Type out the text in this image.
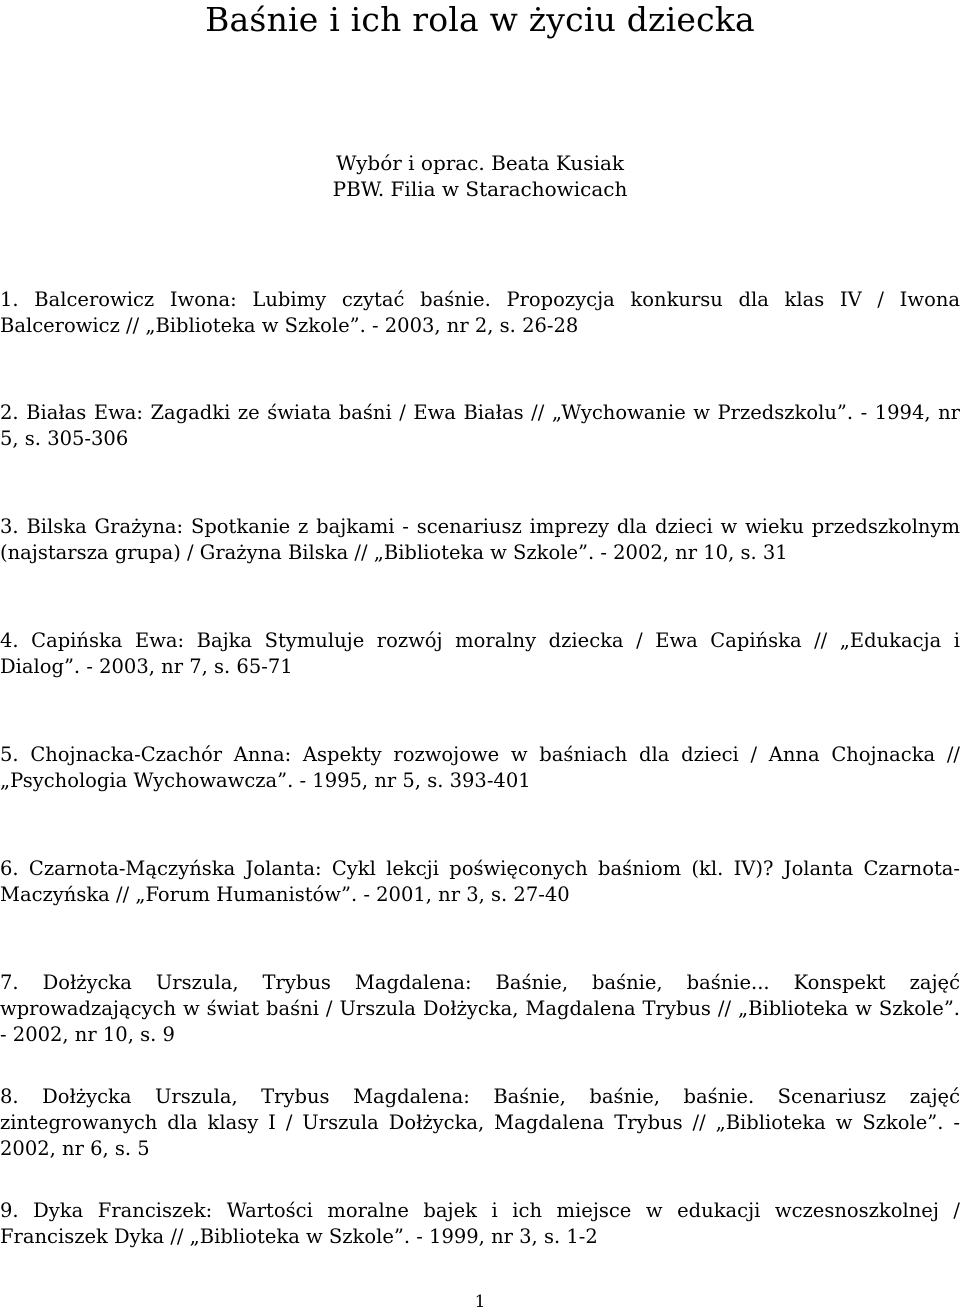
Baśnie i ich rola w życiu dziecka
Wybór i oprac. Beata Kusiak
PBW. Filia w Starachowicach

1. Balcerowicz Iwona: Lubimy czytać baśnie. Propozycja konkursu dla klas IV / Iwona Balcerowicz // „Biblioteka w Szkole”. - 2003, nr 2, s. 26-28

2. Białas Ewa: Zagadki ze świata baśni / Ewa Białas // „Wychowanie w Przedszkolu”. - 1994, nr 5, s. 305-306

3. Bilska Grażyna: Spotkanie z bajkami - scenariusz imprezy dla dzieci w wieku przedszkolnym (najstarsza grupa) / Grażyna Bilska // „Biblioteka w Szkole”. - 2002, nr 10, s. 31

4. Capińska Ewa: Bajka Stymuluje rozwój moralny dziecka / Ewa Capińska // „Edukacja i Dialog”. - 2003, nr 7, s. 65-71

5. Chojnacka-Czachór Anna: Aspekty rozwojowe w baśniach dla dzieci / Anna Chojnacka // „Psychologia Wychowawcza”. - 1995, nr 5, s. 393-401

6. Czarnota-Mączyńska Jolanta: Cykl lekcji poświęconych baśniom (kl. IV)? Jolanta Czarnota-Maczyńska // „Forum Humanistów”. - 2001, nr 3, s. 27-40

7. Dołżycka Urszula, Trybus Magdalena: Baśnie, baśnie, baśnie... Konspekt zajęć wprowadzających w świat baśni / Urszula Dołżycka, Magdalena Trybus // „Biblioteka w Szkole”. - 2002, nr 10, s. 9

8. Dołżycka Urszula, Trybus Magdalena: Baśnie, baśnie, baśnie. Scenariusz zajęć zintegrowanych dla klasy I / Urszula Dołżycka, Magdalena Trybus // „Biblioteka w Szkole”. - 2002, nr 6, s. 5

9. Dyka Franciszek: Wartości moralne bajek i ich miejsce w edukacji wczesnoszkolnej / Franciszek Dyka // „Biblioteka w Szkole”. - 1999, nr 3, s. 1-2

1
